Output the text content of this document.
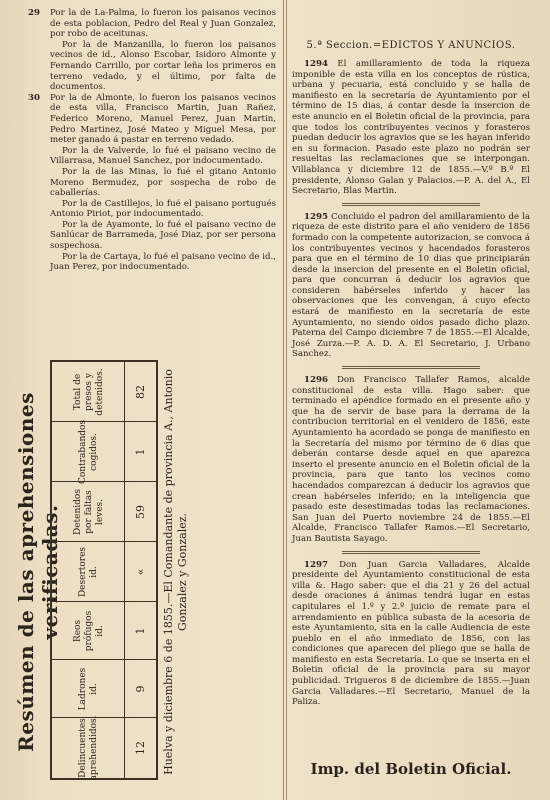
29 Por la de La-Palma, lo fueron los paisanos vecinos de esta poblacion, Pedro del Real y Juan Gonzalez, por robo de aceitunas.

Por la de Manzanilla, lo fueron los paisanos vecinos de id., Alonso Escobar, Isidoro Almonte y Fernando Carrillo, por cortar leña los primeros en terreno vedado, y el último, por falta de documentos.

30 Por la de Almonte, lo fueron los paisanos vecinos de esta villa, Francisco Martin, Juan Rañez, Federico Moreno, Manuel Perez, Juan Martin, Pedro Martinez, José Mateo y Miguel Mesa, por meter ganado á pastar en terreno vedado.

Por la de Valverde, lo fué el paisano vecino de Villarrasa, Manuel Sanchez, por indocumentado.

Por la de las Minas, lo fué el gitano Antonio Moreno Bermudez, por sospecha de robo de caballerías.

Por la de Castillejos, lo fué el paisano portugués Antonio Piriot, por indocumentado.

Por la de Ayamonte, lo fué el paisano vecino de Sanlúcar de Barrameda, José Diaz, por ser persona sospechosa.

Por la de Cartaya, lo fué el paisano vecino de id., Juan Perez, por indocumentado.

Resúmen de las aprehensiones verificadas.
Delincuentes aprehendidos.
Ladrones id.
Reos prófugos id.
Desertores id.
Detenidos por faltas leves.
Contrabandos cogidos.
Total de presos y detenidos.
12
9
1
«
59
1
82	Huelva y diciembre 6 de 1855.—El Comandante de provincia A., Antonio Gonzalez y Gonzalez.
5.ª Seccion.=EDICTOS Y ANUNCIOS.

1294 El amillaramiento de toda la riqueza imponible de esta villa en los conceptos de rústica, urbana y pecuaria, está concluido y se halla de manifiesto en la secretaría de Ayuntamiento por el término de 15 dias, á contar desde la insercion de este anuncio en el Boletin oficial de la provincia, para que todos los contribuyentes vecinos y forasteros puedan deducir los agravios que se les hayan inferido en su formacion. Pasado este plazo no podrán ser resueltas las reclamaciones que se interpongan. Villablanca y diciembre 12 de 1855.—V.º B.º El presidente, Alonso Galan y Palacios.—P. A. del A., El Secretario, Blas Martin.

1295 Concluido el padron del amillaramiento de la riqueza de este distrito para el año venidero de 1856 formado con la competente autorizacion, se convoca á los contribuyentes vecinos y hacendados forasteros para que en el término de 10 dias que principiarán desde la insercion del presente en el Boletin oficial, para que concurran á deducir los agravios que consideren habérseles inferido y hacer las observaciones que les convengan, á cuyo efecto estará de manifiesto en la secretaría de este Ayuntamiento, no siendo oidos pasado dicho plazo. Paterna del Campo diciembre 7 de 1855.—El Alcalde, José Zurza.—P. A. D. A. El Secretario, J. Urbano Sanchez.

1296 Don Francisco Tallafer Ramos, alcalde constitucional de esta villa. Hago saber: que terminado el apéndice formado en el presente año y que ha de servir de base para la derrama de la contribucion territorial en el venidero de 1856, este Ayuntamiento ha acordado se ponga de manifiesto en la Secretaría del mismo por término de 6 dias que deberán contarse desde aquel en que aparezca inserto el presente anuncio en el Boletin oficial de la provincia, para que tanto los vecinos como hacendados comparezcan á deducir los agravios que crean habérseles inferido; en la inteligencia que pasado este desestimadas todas las reclamaciones. San Juan del Puerto noviembre 24 de 1855.—El Alcalde, Francisco Tallafer Ramos.—El Secretario, Juan Bautista Sayago.

1297 Don Juan Garcia Valladares, Alcalde presidente del Ayuntamiento constitucional de esta villa &. Hago saber: que el dia 21 y 26 del actual desde oraciones á ánimas tendrá lugar en estas capitulares el 1.º y 2.º juicio de remate para el arrendamiento en pública subasta de la acesoria de este Ayuntamiento, sita en la calle Audiencia de este pueblo en el año inmediato de 1856, con las condiciones que aparecen del pliego que se halla de manifiesto en esta Secretaría. Lo que se inserta en el Boletin oficial de la provincia para su mayor publicidad. Trigueros 8 de diciembre de 1855.—Juan Garcia Valladares.—El Secretario, Manuel de la Paliza.

Imp. del Boletin Oficial.
